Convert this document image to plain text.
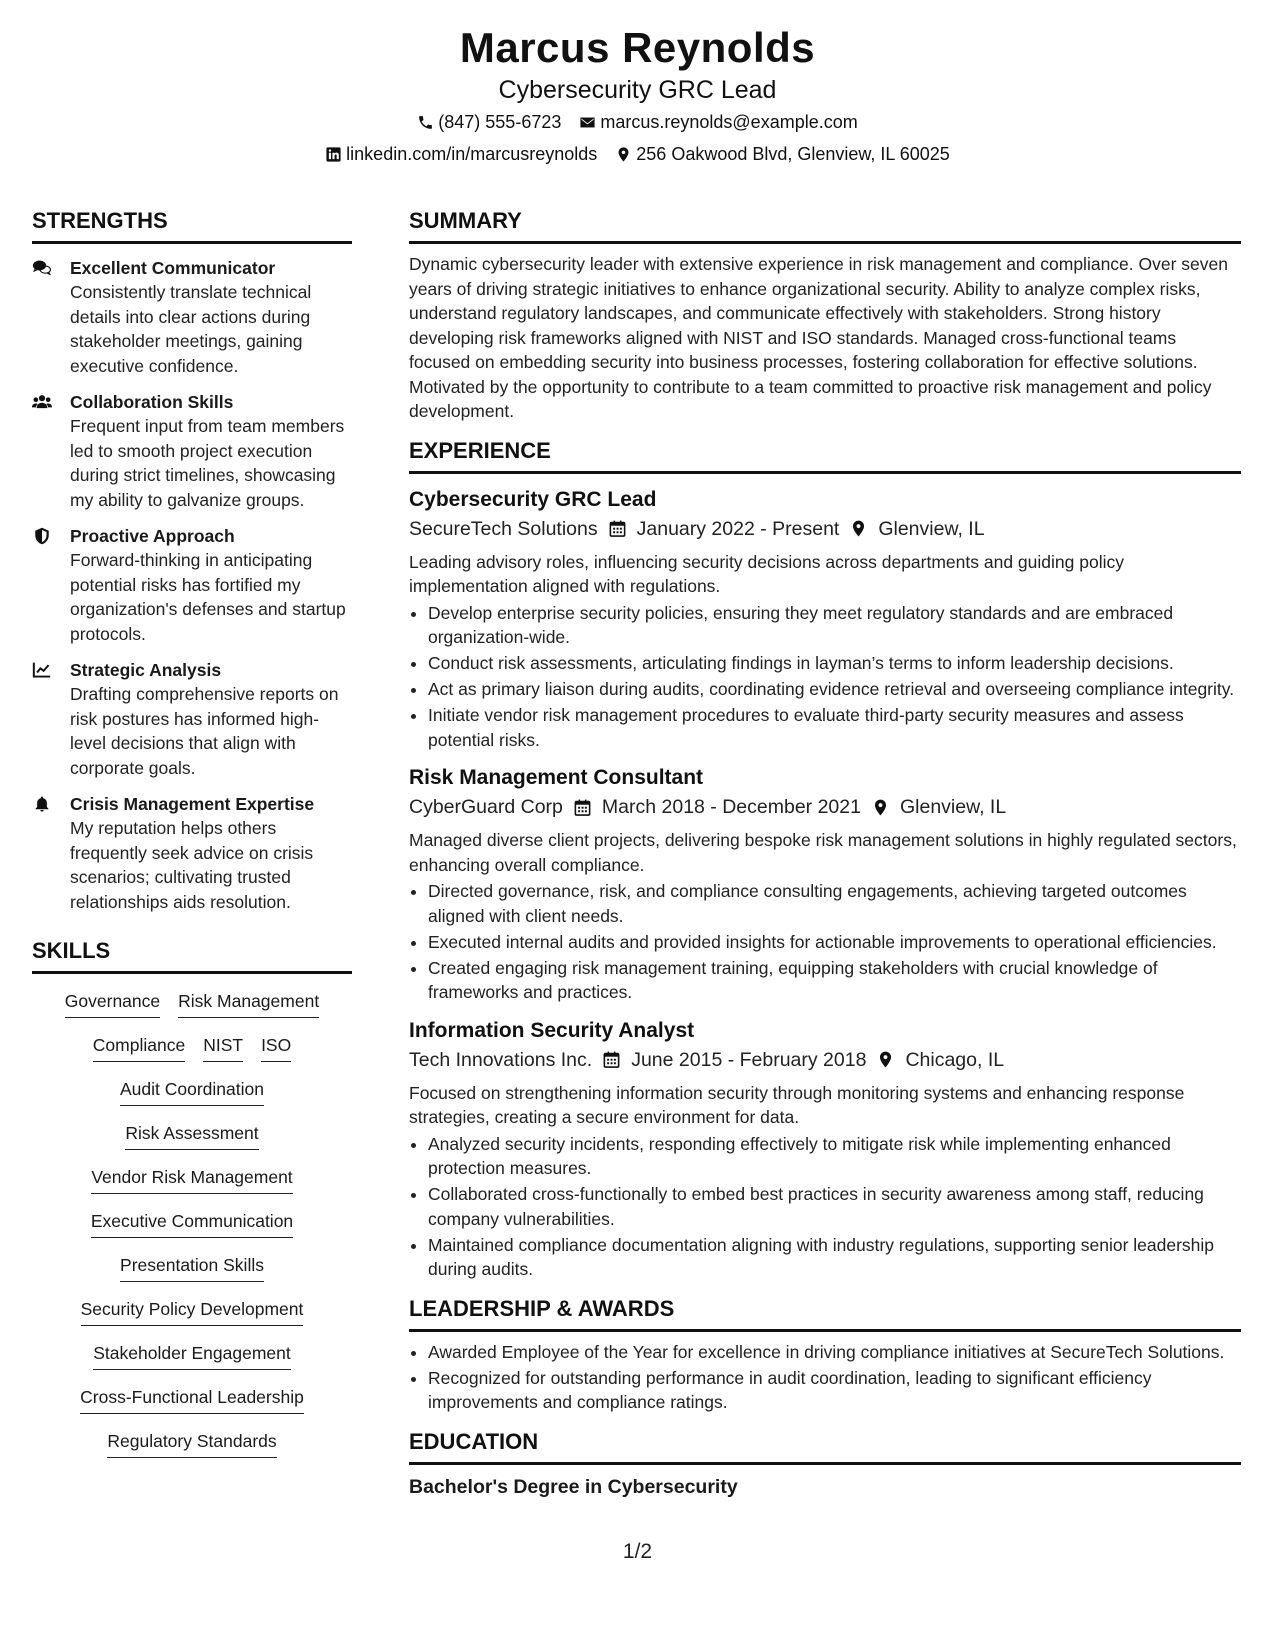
Marcus Reynolds
Cybersecurity GRC Lead
(847) 555-6723 marcus.reynolds@example.com
linkedin.com/in/marcusreynolds 256 Oakwood Blvd, Glenview, IL 60025
STRENGTHS
Excellent Communicator
Consistently translate technical details into clear actions during stakeholder meetings, gaining executive confidence.
Collaboration Skills
Frequent input from team members led to smooth project execution during strict timelines, showcasing my ability to galvanize groups.
Proactive Approach
Forward-thinking in anticipating potential risks has fortified my organization's defenses and startup protocols.
Strategic Analysis
Drafting comprehensive reports on risk postures has informed high-level decisions that align with corporate goals.
Crisis Management Expertise
My reputation helps others frequently seek advice on crisis scenarios; cultivating trusted relationships aids resolution.
SKILLS
Governance Risk Management
Compliance NIST ISO
Audit Coordination
Risk Assessment
Vendor Risk Management
Executive Communication
Presentation Skills
Security Policy Development
Stakeholder Engagement
Cross-Functional Leadership
Regulatory Standards
SUMMARY
Dynamic cybersecurity leader with extensive experience in risk management and compliance. Over seven years of driving strategic initiatives to enhance organizational security. Ability to analyze complex risks, understand regulatory landscapes, and communicate effectively with stakeholders. Strong history developing risk frameworks aligned with NIST and ISO standards. Managed cross-functional teams focused on embedding security into business processes, fostering collaboration for effective solutions. Motivated by the opportunity to contribute to a team committed to proactive risk management and policy development.
EXPERIENCE
Cybersecurity GRC Lead
SecureTech Solutions January 2022 - Present Glenview, IL
Leading advisory roles, influencing security decisions across departments and guiding policy implementation aligned with regulations.
• Develop enterprise security policies, ensuring they meet regulatory standards and are embraced organization-wide.
• Conduct risk assessments, articulating findings in layman’s terms to inform leadership decisions.
• Act as primary liaison during audits, coordinating evidence retrieval and overseeing compliance integrity.
• Initiate vendor risk management procedures to evaluate third-party security measures and assess potential risks.
Risk Management Consultant
CyberGuard Corp March 2018 - December 2021 Glenview, IL
Managed diverse client projects, delivering bespoke risk management solutions in highly regulated sectors, enhancing overall compliance.
• Directed governance, risk, and compliance consulting engagements, achieving targeted outcomes aligned with client needs.
• Executed internal audits and provided insights for actionable improvements to operational efficiencies.
• Created engaging risk management training, equipping stakeholders with crucial knowledge of frameworks and practices.
Information Security Analyst
Tech Innovations Inc. June 2015 - February 2018 Chicago, IL
Focused on strengthening information security through monitoring systems and enhancing response strategies, creating a secure environment for data.
• Analyzed security incidents, responding effectively to mitigate risk while implementing enhanced protection measures.
• Collaborated cross-functionally to embed best practices in security awareness among staff, reducing company vulnerabilities.
• Maintained compliance documentation aligning with industry regulations, supporting senior leadership during audits.
LEADERSHIP & AWARDS
• Awarded Employee of the Year for excellence in driving compliance initiatives at SecureTech Solutions.
• Recognized for outstanding performance in audit coordination, leading to significant efficiency improvements and compliance ratings.
EDUCATION
Bachelor's Degree in Cybersecurity
1/2
